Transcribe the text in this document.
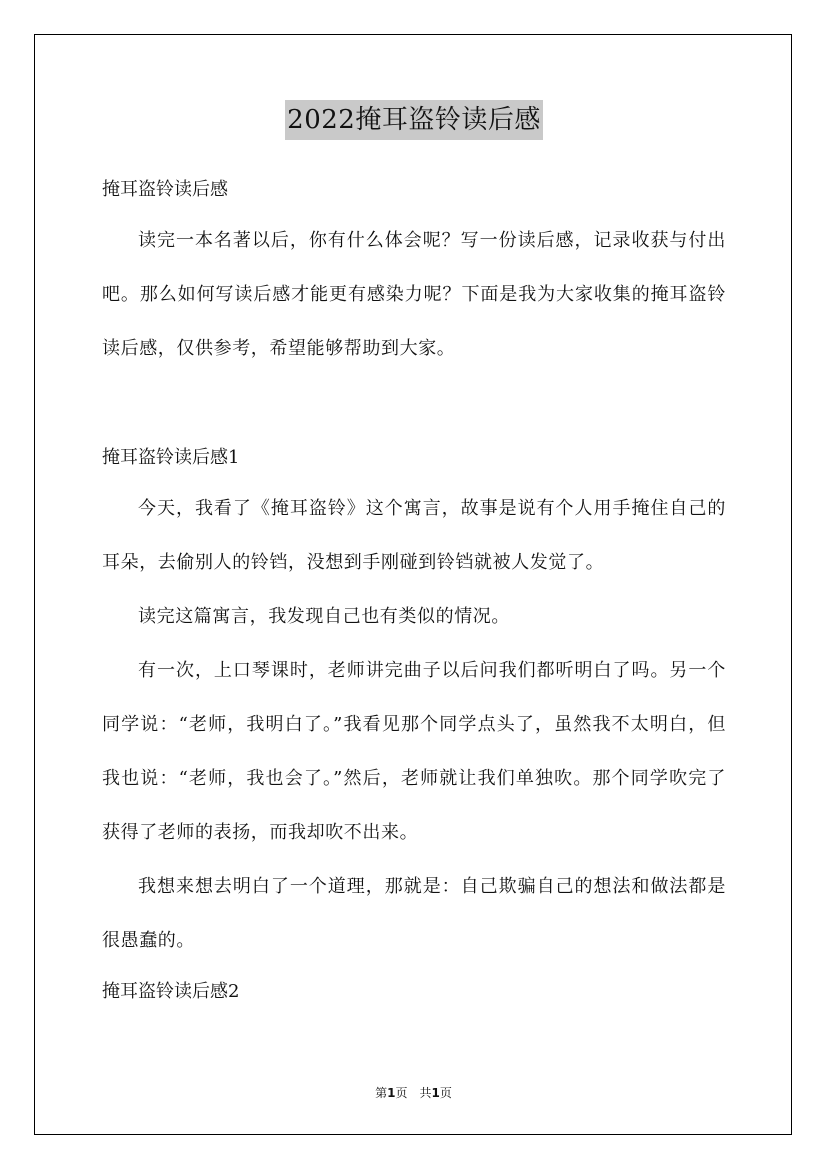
2022掩耳盗铃读后感

掩耳盗铃读后感

读完一本名著以后，你有什么体会呢？写一份读后感，记录收获与付出吧。那么如何写读后感才能更有感染力呢？下面是我为大家收集的掩耳盗铃读后感，仅供参考，希望能够帮助到大家。

掩耳盗铃读后感1

今天，我看了《掩耳盗铃》这个寓言，故事是说有个人用手掩住自己的耳朵，去偷别人的铃铛，没想到手刚碰到铃铛就被人发觉了。

读完这篇寓言，我发现自己也有类似的情况。

有一次，上口琴课时，老师讲完曲子以后问我们都听明白了吗。另一个同学说：“老师，我明白了。”我看见那个同学点头了，虽然我不太明白，但我也说：“老师，我也会了。”然后，老师就让我们单独吹。那个同学吹完了获得了老师的表扬，而我却吹不出来。

我想来想去明白了一个道理，那就是：自己欺骗自己的想法和做法都是很愚蠢的。

掩耳盗铃读后感2

第1页　共1页
